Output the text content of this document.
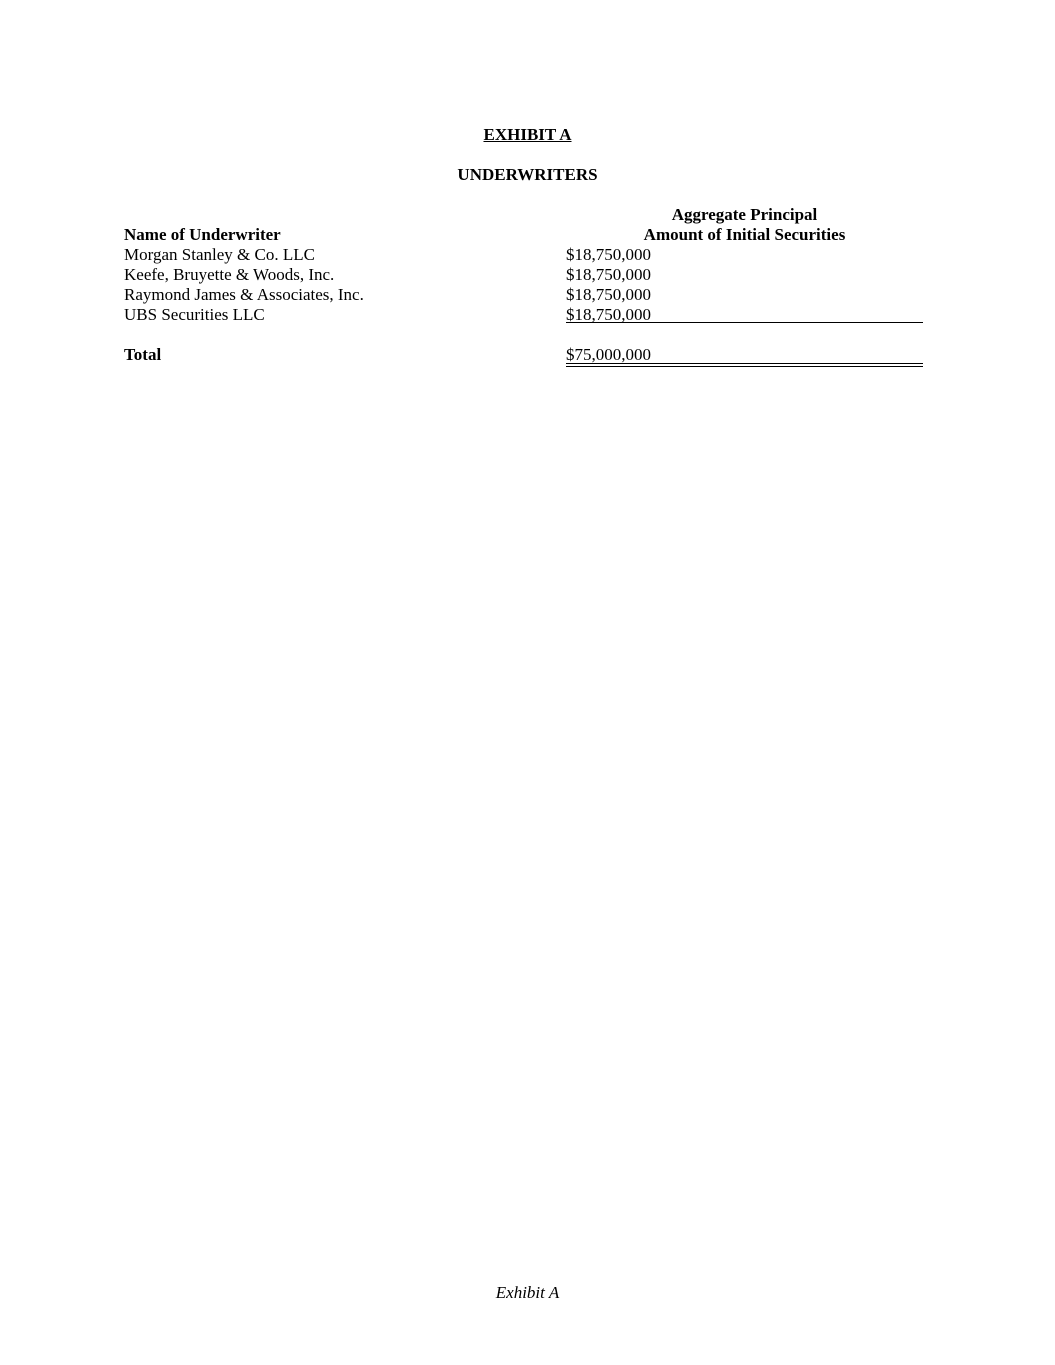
EXHIBIT A
UNDERWRITERS
Name of Underwriter
Aggregate Principal
Amount of Initial Securities
Morgan Stanley & Co. LLC	$18,750,000
Keefe, Bruyette & Woods, Inc.	$18,750,000
Raymond James & Associates, Inc.	$18,750,000
UBS Securities LLC	$18,750,000
Total	$75,000,000
Exhibit A
